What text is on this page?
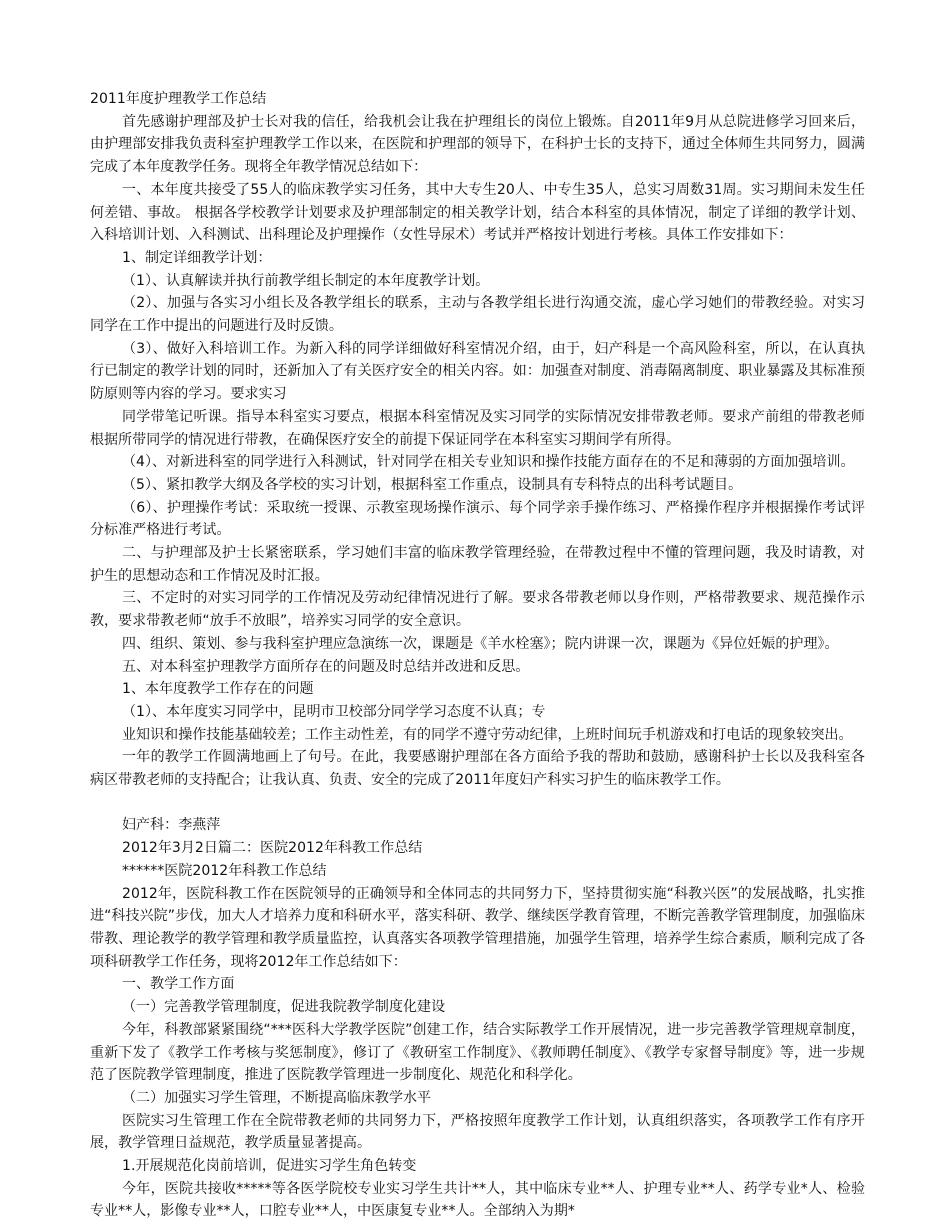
2011年度护理教学工作总结

首先感谢护理部及护士长对我的信任，给我机会让我在护理组长的岗位上锻炼。自2011年9月从总院进修学习回来后，由护理部安排我负责科室护理教学工作以来，在医院和护理部的领导下，在科护士长的支持下，通过全体师生共同努力，圆满完成了本年度教学任务。现将全年教学情况总结如下：

一、本年度共接受了55人的临床教学实习任务，其中大专生20人、中专生35人，总实习周数31周。实习期间未发生任何差错、事故。 根据各学校教学计划要求及护理部制定的相关教学计划，结合本科室的具体情况，制定了详细的教学计划、入科培训计划、入科测试、出科理论及护理操作（女性导尿术）考试并严格按计划进行考核。具体工作安排如下：

1、制定详细教学计划：

（1）、认真解读并执行前教学组长制定的本年度教学计划。

（2）、加强与各实习小组长及各教学组长的联系，主动与各教学组长进行沟通交流，虚心学习她们的带教经验。对实习同学在工作中提出的问题进行及时反馈。

（3）、做好入科培训工作。为新入科的同学详细做好科室情况介绍，由于，妇产科是一个高风险科室，所以，在认真执行已制定的教学计划的同时，还新加入了有关医疗安全的相关内容。如：加强查对制度、消毒隔离制度、职业暴露及其标准预防原则等内容的学习。要求实习

同学带笔记听课。指导本科室实习要点，根据本科室情况及实习同学的实际情况安排带教老师。要求产前组的带教老师根据所带同学的情况进行带教，在确保医疗安全的前提下保证同学在本科室实习期间学有所得。

（4）、对新进科室的同学进行入科测试，针对同学在相关专业知识和操作技能方面存在的不足和薄弱的方面加强培训。

（5）、紧扣教学大纲及各学校的实习计划，根据科室工作重点，设制具有专科特点的出科考试题目。

（6）、护理操作考试：采取统一授课、示教室现场操作演示、每个同学亲手操作练习、严格操作程序并根据操作考试评分标准严格进行考试。

二、与护理部及护士长紧密联系，学习她们丰富的临床教学管理经验，在带教过程中不懂的管理问题，我及时请教，对护生的思想动态和工作情况及时汇报。

三、不定时的对实习同学的工作情况及劳动纪律情况进行了解。要求各带教老师以身作则，严格带教要求、规范操作示教，要求带教老师“放手不放眼”，培养实习同学的安全意识。

四、组织、策划、参与我科室护理应急演练一次，课题是《羊水栓塞》；院内讲课一次，课题为《异位妊娠的护理》。

五、对本科室护理教学方面所存在的问题及时总结并改进和反思。

1、本年度教学工作存在的问题

（1）、本年度实习同学中，昆明市卫校部分同学学习态度不认真；专

业知识和操作技能基础较差；工作主动性差，有的同学不遵守劳动纪律，上班时间玩手机游戏和打电话的现象较突出。

一年的教学工作圆满地画上了句号。在此，我要感谢护理部在各方面给予我的帮助和鼓励，感谢科护士长以及我科室各病区带教老师的支持配合；让我认真、负责、安全的完成了2011年度妇产科实习护生的临床教学工作。

妇产科：李燕萍

2012年3月2日篇二：医院2012年科教工作总结

******医院2012年科教工作总结

2012年，医院科教工作在医院领导的正确领导和全体同志的共同努力下，坚持贯彻实施“科教兴医”的发展战略，扎实推进“科技兴院”步伐，加大人才培养力度和科研水平，落实科研、教学、继续医学教育管理，不断完善教学管理制度，加强临床带教、理论教学的教学管理和教学质量监控，认真落实各项教学管理措施，加强学生管理，培养学生综合素质，顺利完成了各项科研教学工作任务，现将2012年工作总结如下：

一、教学工作方面

（一）完善教学管理制度，促进我院教学制度化建设

今年，科教部紧紧围绕“***医科大学教学医院”创建工作，结合实际教学工作开展情况，进一步完善教学管理规章制度，重新下发了《教学工作考核与奖惩制度》，修订了《教研室工作制度》、《教师聘任制度》、《教学专家督导制度》等，进一步规范了医院教学管理制度，推进了医院教学管理进一步制度化、规范化和科学化。

（二）加强实习学生管理，不断提高临床教学水平

医院实习生管理工作在全院带教老师的共同努力下，严格按照年度教学工作计划，认真组织落实，各项教学工作有序开展，教学管理日益规范，教学质量显著提高。

1.开展规范化岗前培训，促进实习学生角色转变

今年，医院共接收*****等各医学院校专业实习学生共计**人，其中临床专业**人、护理专业**人、药学专业*人、检验专业**人，影像专业**人，口腔专业**人，中医康复专业**人。全部纳入为期*
